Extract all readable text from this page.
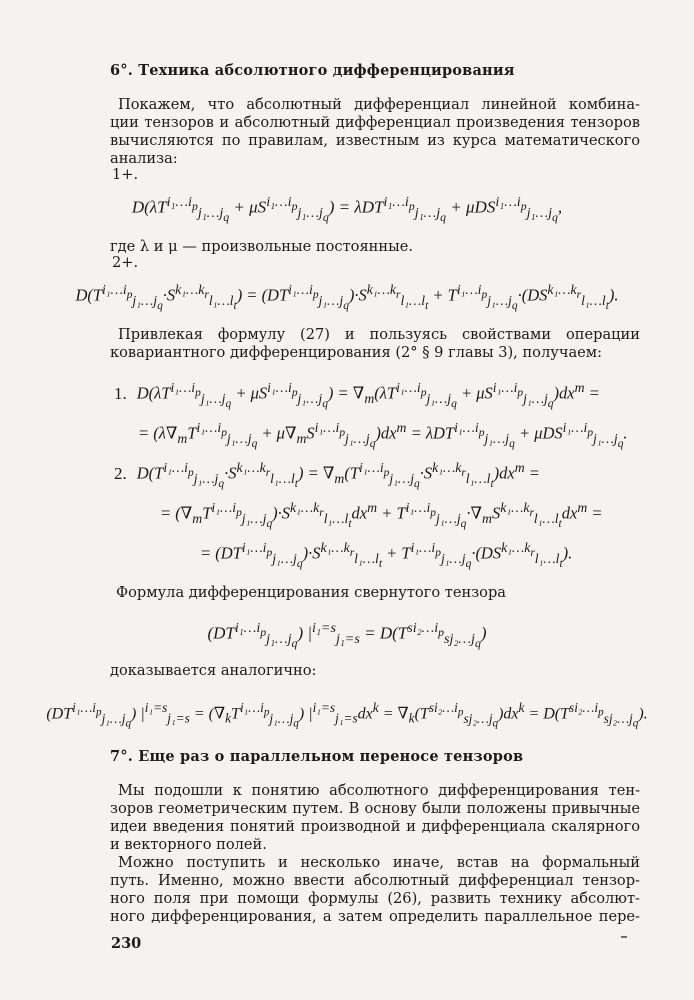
6°. Техника абсолютного дифференцирования
Покажем, что абсолютный дифференциал линейной комбина-
ции тензоров и абсолютный дифференциал произведения тензоров
вычисляются по правилам, известным из курса математического
анализа:
1+.
$D(\lambda T^{i_1\dots i_p}_{j_1\dots j_q} + \mu S^{i_1\dots i_p}_{j_1\dots j_q}) = \lambda DT^{i_1\dots i_p}_{j_1\dots j_q} + \mu DS^{i_1\dots i_p}_{j_1\dots j_q}$,
где λ и μ — произвольные постоянные.
2+.
$D(T^{i_1\dots i_p}_{j_1\dots j_q}\cdot S^{k_1\dots k_r}_{l_1\dots l_t}) = (DT^{i_1\dots i_p}_{j_1\dots j_q})\cdot S^{k_1\dots k_r}_{l_1\dots l_t} + T^{i_1\dots i_p}_{j_1\dots j_q}\cdot(DS^{k_1\dots k_r}_{l_1\dots l_t})$.
Привлекая формулу (27) и пользуясь свойствами операции
ковариантного дифференцирования (2° § 9 главы 3), получаем:
1. $D(\lambda T^{i_1\dots i_p}_{j_1\dots j_q} + \mu S^{i_1\dots i_p}_{j_1\dots j_q}) = \nabla_m(\lambda T^{i_1\dots i_p}_{j_1\dots j_q} + \mu S^{i_1\dots i_p}_{j_1\dots j_q})dx^m$ =
= $(\lambda\nabla_mT^{i_1\dots i_p}_{j_1\dots j_q} + \mu\nabla_mS^{i_1\dots i_p}_{j_1\dots j_q})dx^m = \lambda DT^{i_1\dots i_p}_{j_1\dots j_q} + \mu DS^{i_1\dots i_p}_{j_1\dots j_q}$.
2. $D(T^{i_1\dots i_p}_{j_1\dots j_q}\cdot S^{k_1\dots k_r}_{l_1\dots l_t}) = \nabla_m(T^{i_1\dots i_p}_{j_1\dots j_q}\cdot S^{k_1\dots k_r}_{l_1\dots l_t})dx^m$ =
= $(\nabla_mT^{i_1\dots i_p}_{j_1\dots j_q})\cdot S^{k_1\dots k_r}_{l_1\dots l_t}dx^m + T^{i_1\dots i_p}_{j_1\dots j_q}\cdot\nabla_mS^{k_1\dots k_r}_{l_1\dots l_t}dx^m$ =
= $(DT^{i_1\dots i_p}_{j_1\dots j_q})\cdot S^{k_1\dots k_r}_{l_1\dots l_t} + T^{i_1\dots i_p}_{j_1\dots j_q}\cdot(DS^{k_1\dots k_r}_{l_1\dots l_t})$.
Формула дифференцирования свернутого тензора
$(DT^{i_1\dots i_p}_{j_1\dots j_q}) |^{i_1=s}_{j_1=s} = D(T^{si_2\dots i_p}_{sj_2\dots j_q})$
доказывается аналогично:
$(DT^{i_1\dots i_p}_{j_1\dots j_q}) |^{i_1=s}_{j_1=s} = (\nabla_kT^{i_1\dots i_p}_{j_1\dots j_q}) |^{i_1=s}_{j_1=s}dx^k = \nabla_k(T^{si_2\dots i_p}_{sj_2\dots j_q})dx^k = D(T^{si_2\dots i_p}_{sj_2\dots j_q})$.
7°. Еще раз о параллельном переносе тензоров
Мы подошли к понятию абсолютного дифференцирования тен-
зоров геометрическим путем. В основу были положены привычные
идеи введения понятий производной и дифференциала скалярного
и векторного полей.
Можно поступить и несколько иначе, встав на формальный
путь. Именно, можно ввести абсолютный дифференциал тензор-
ного поля при помощи формулы (26), развить технику абсолют-
ного дифференцирования, а затем определить параллельное пере-
230
